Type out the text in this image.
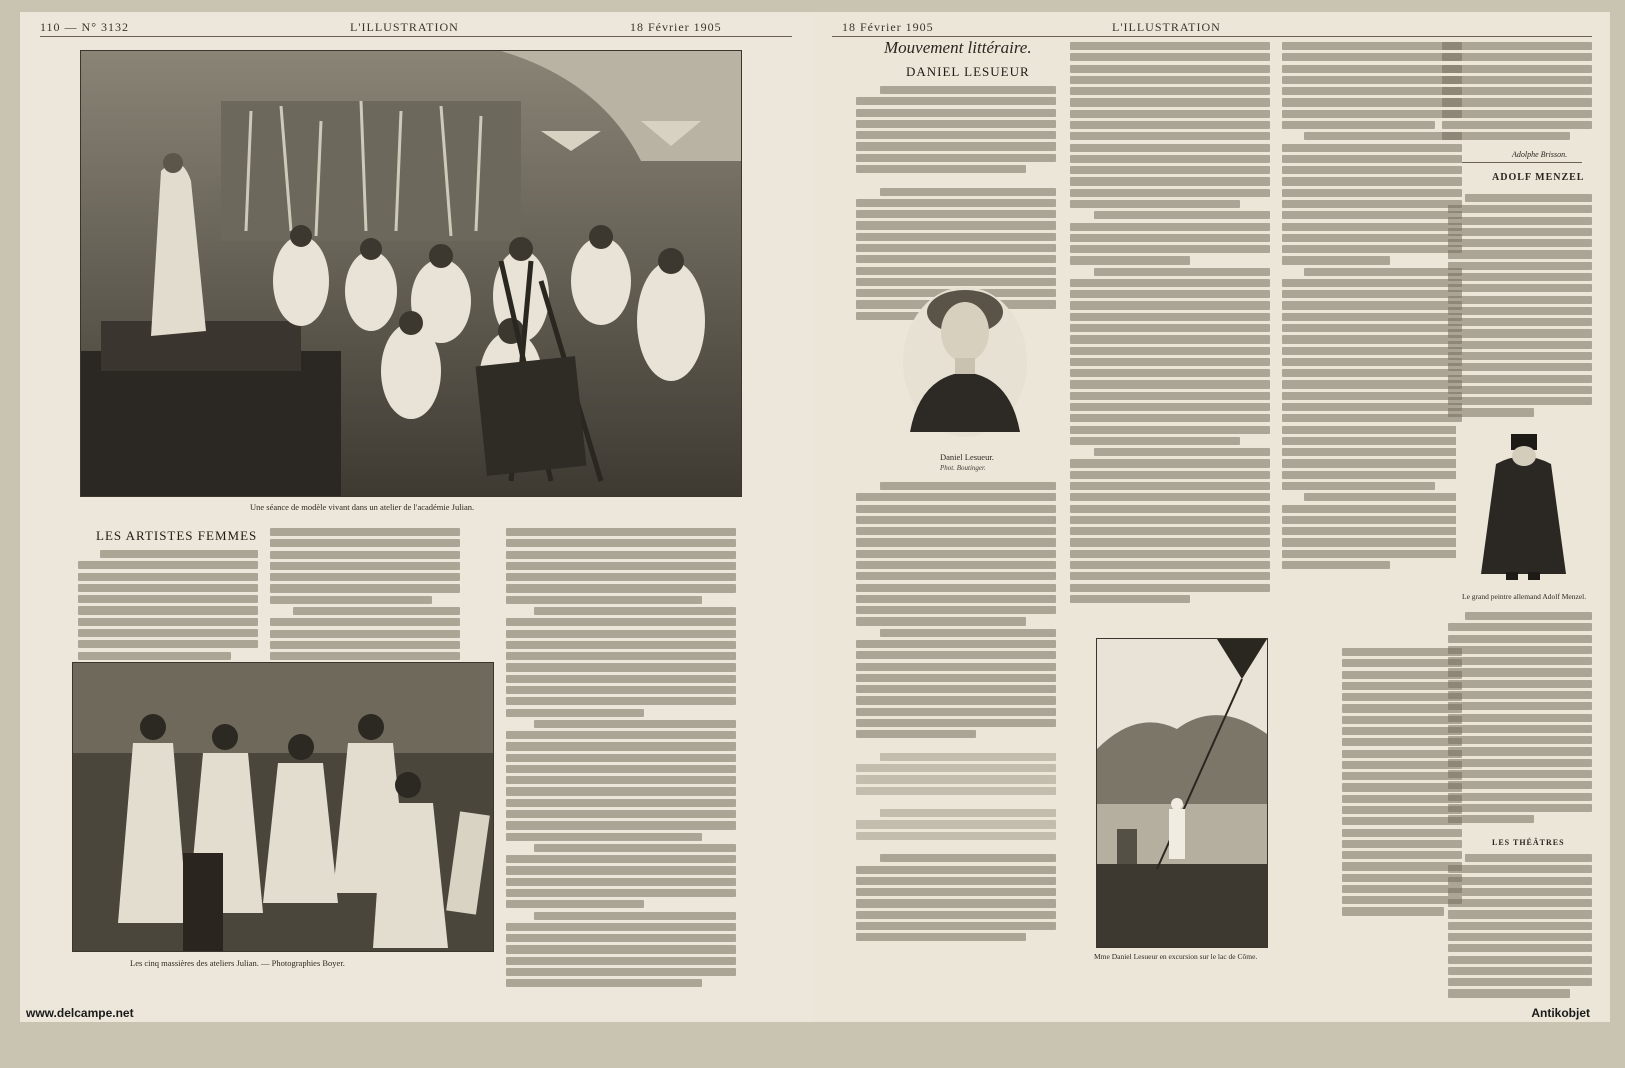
110 — N° 3132	L'ILLUSTRATION	18 Février 1905
Une séance de modèle vivant dans un atelier de l'académie Julian.
LES ARTISTES FEMMES
Les cinq massières des ateliers Julian. — Photographies Boyer.
www.delcampe.net
18 Février 1905	L'ILLUSTRATION
Mouvement littéraire.
DANIEL LESUEUR
Daniel Lesueur.
Phot. Boutinger.
Mme Daniel Lesueur en excursion sur le lac de Côme.
Adolphe Brisson.
ADOLF MENZEL
Le grand peintre allemand Adolf Menzel.
LES THÉÂTRES
Antikobjet
